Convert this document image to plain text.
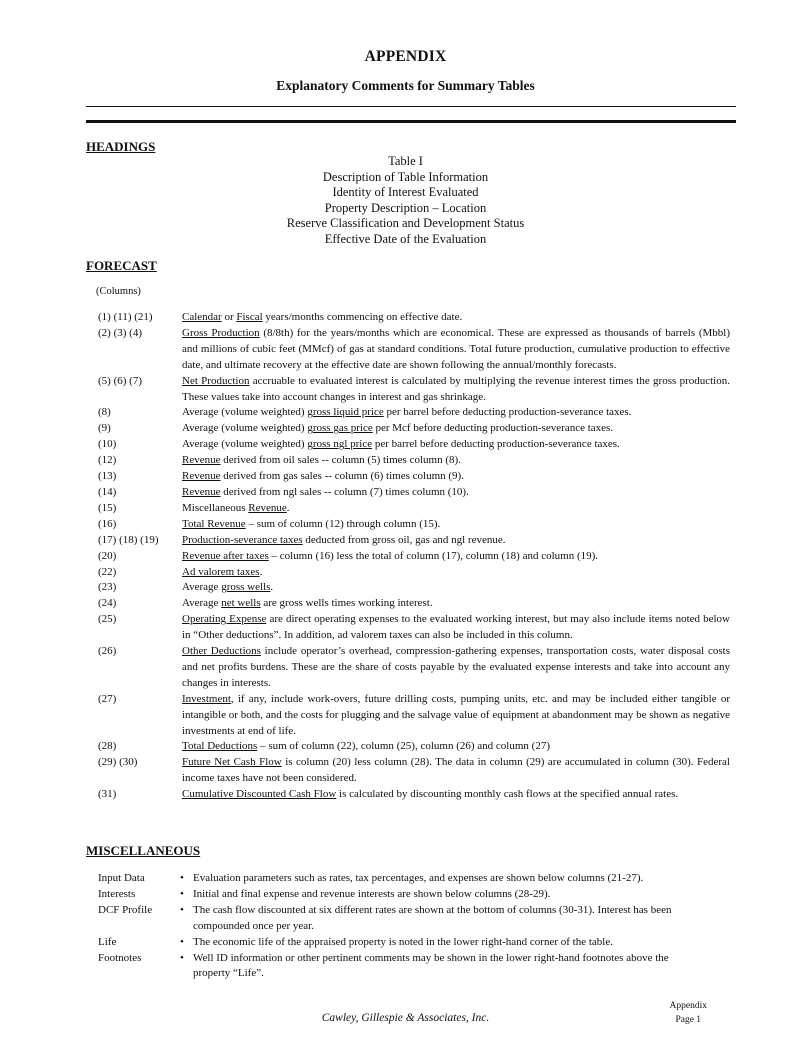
APPENDIX
Explanatory Comments for Summary Tables
HEADINGS
Table I
Description of Table Information
Identity of Interest Evaluated
Property Description – Location
Reserve Classification and Development Status
Effective Date of the Evaluation
FORECAST
(Columns)
(1) (11) (21)	Calendar or Fiscal years/months commencing on effective date.
(2) (3) (4)	Gross Production (8/8th) for the years/months which are economical. These are expressed as thousands of barrels (Mbbl) and millions of cubic feet (MMcf) of gas at standard conditions. Total future production, cumulative production to effective date, and ultimate recovery at the effective date are shown following the annual/monthly forecasts.
(5) (6) (7)	Net Production accruable to evaluated interest is calculated by multiplying the revenue interest times the gross production. These values take into account changes in interest and gas shrinkage.
(8)	Average (volume weighted) gross liquid price per barrel before deducting production-severance taxes.
(9)	Average (volume weighted) gross gas price per Mcf before deducting production-severance taxes.
(10)	Average (volume weighted) gross ngl price per barrel before deducting production-severance taxes.
(12)	Revenue derived from oil sales -- column (5) times column (8).
(13)	Revenue derived from gas sales -- column (6) times column (9).
(14)	Revenue derived from ngl sales -- column (7) times column (10).
(15)	Miscellaneous Revenue.
(16)	Total Revenue – sum of column (12) through column (15).
(17) (18) (19)	Production-severance taxes deducted from gross oil, gas and ngl revenue.
(20)	Revenue after taxes – column (16) less the total of column (17), column (18) and column (19).
(22)	Ad valorem taxes.
(23)	Average gross wells.
(24)	Average net wells are gross wells times working interest.
(25)	Operating Expense are direct operating expenses to the evaluated working interest, but may also include items noted below in “Other deductions”. In addition, ad valorem taxes can also be included in this column.
(26)	Other Deductions include operator’s overhead, compression-gathering expenses, transportation costs, water disposal costs and net profits burdens. These are the share of costs payable by the evaluated expense interests and take into account any changes in interests.
(27)	Investment, if any, include work-overs, future drilling costs, pumping units, etc. and may be included either tangible or intangible or both, and the costs for plugging and the salvage value of equipment at abandonment may be shown as negative investments at end of life.
(28)	Total Deductions – sum of column (22), column (25), column (26) and column (27)
(29) (30)	Future Net Cash Flow is column (20) less column (28). The data in column (29) are accumulated in column (30). Federal income taxes have not been considered.
(31)	Cumulative Discounted Cash Flow is calculated by discounting monthly cash flows at the specified annual rates.
MISCELLANEOUS
Input Data	• Evaluation parameters such as rates, tax percentages, and expenses are shown below columns (21-27).
Interests	• Initial and final expense and revenue interests are shown below columns (28-29).
DCF Profile	• The cash flow discounted at six different rates are shown at the bottom of columns (30-31). Interest has been compounded once per year.
Life	• The economic life of the appraised property is noted in the lower right-hand corner of the table.
Footnotes	• Well ID information or other pertinent comments may be shown in the lower right-hand footnotes above the property “Life”.
Cawley, Gillespie & Associates, Inc.
Appendix
Page 1
